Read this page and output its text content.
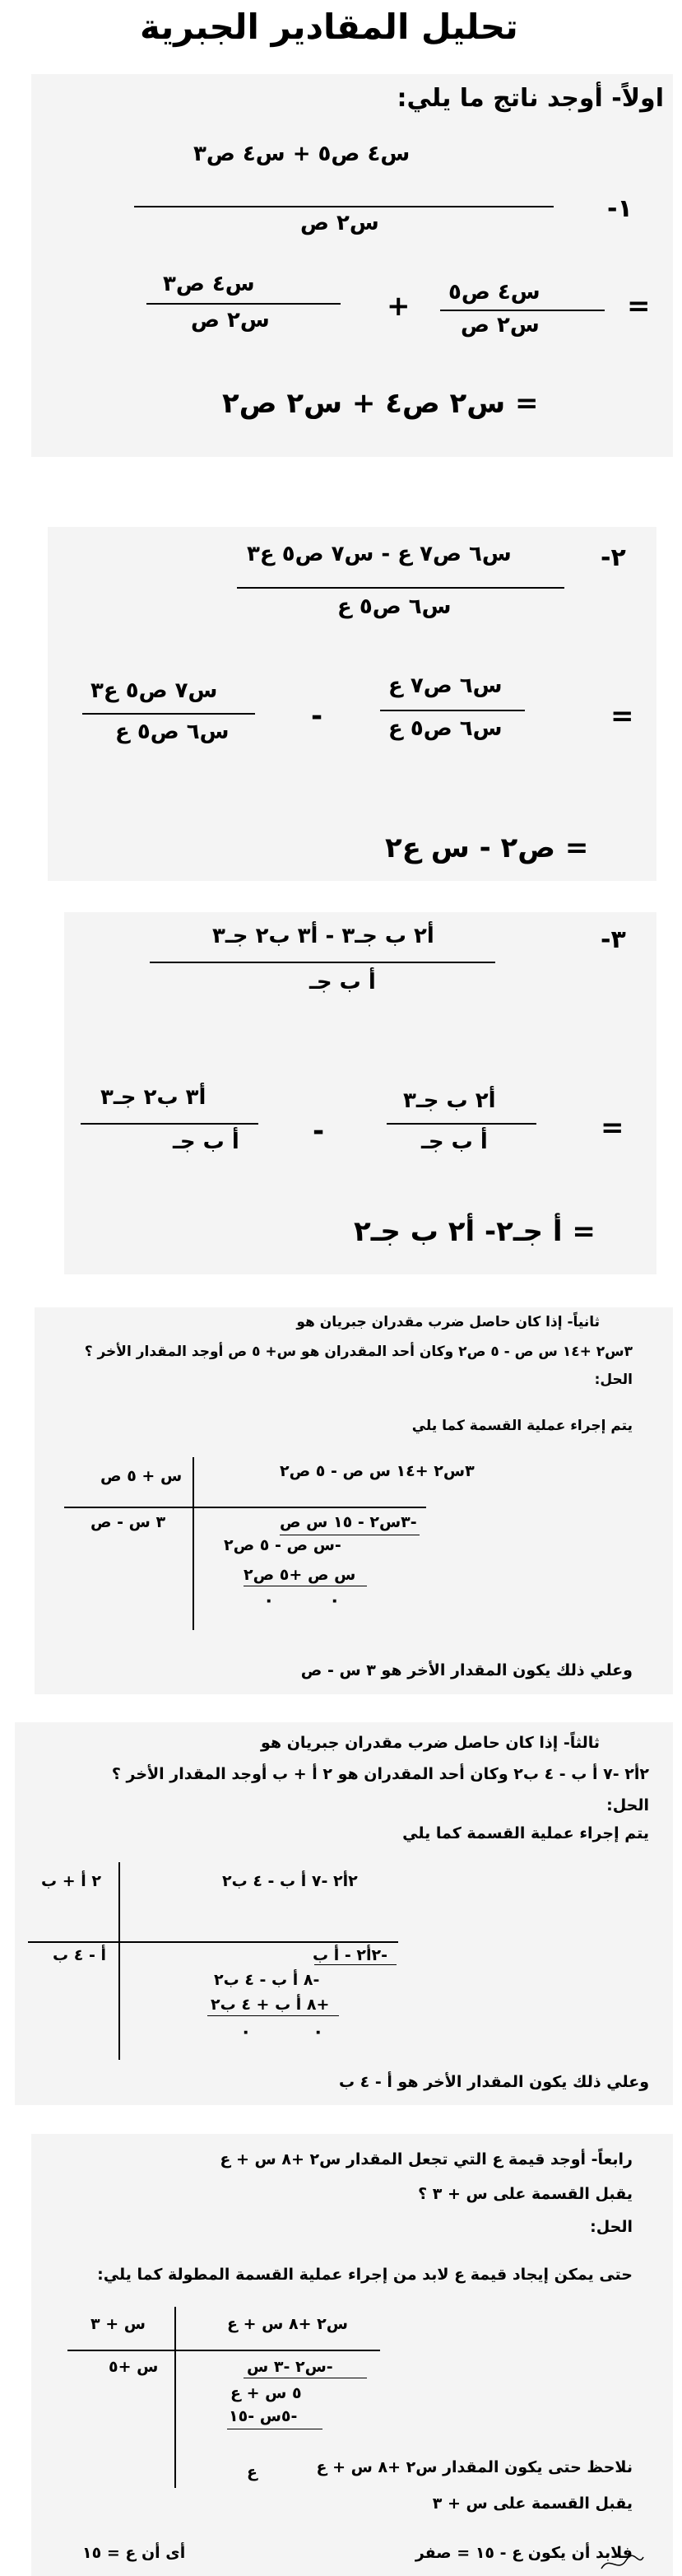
تحليل المقادير الجبرية
اولاً- أوجد ناتج ما يلي:
س٤ ص٥ + س٤ ص٣
س٢ ص	-١
س٤ ص٥
س٢ ص
+
س٤ ص٣
س٢ ص	=
= س٢ ص٤ + س٢ ص٢
-٢
س٦ ص٧ ع - س٧ ص٥ ع٣
س٦ ص٥ ع
س٦ ص٧ ع
س٦ ص٥ ع
-
س٧ ص٥ ع٣
س٦ ص٥ ع	=
= ص٢ - س ع٢
-٣
أ٢ ب جـ٣ - أ٣ ب٢ جـ٣
أ ب جـ
أ٢ ب جـ٣
أ ب جـ
-
أ٣ ب٢ جـ٣
أ ب جـ	=
= أ جـ٢- أ٢ ب جـ٢
ثانياً- إذا كان حاصل ضرب مقدران جبريان هو
۳س۲ +۱٤ س ص - ٥ ص۲ وكان أحد المقدران هو س+ ٥ ص أوجد المقدار الأخر ؟
الحل:
يتم إجراء عملية القسمة كما يلي
۳س۲ +۱٤ س ص - ٥ ص۲
س + ٥ ص
۳ س - ص	-۳س۲ - ۱٥ س ص
-س ص - ٥ ص۲
س ص +٥ ص۲
٠
٠
وعلي ذلك يكون المقدار الأخر هو ۳ س - ص
ثالثاً- إذا كان حاصل ضرب مقدران جبريان هو
٢أ٢ -٧ أ ب - ٤ ب٢ وكان أحد المقدران هو ٢ أ + ب أوجد المقدار الأخر ؟
الحل:
يتم إجراء عملية القسمة كما يلي
٢أ٢ -٧ أ ب - ٤ ب٢
٢ أ + ب
أ - ٤ ب	-٢أ٢ - أ ب
-٨ أ ب - ٤ ب٢
+٨ أ ب + ٤ ب٢
٠
٠
وعلي ذلك يكون المقدار الأخر هو أ - ٤ ب
رابعاً- أوجد قيمة ع التي تجعل المقدار س٢ +٨ س + ع
يقبل القسمة على س + ۳ ؟
الحل:
حتى يمكن إيجاد قيمة ع لابد من إجراء عملية القسمة المطولة كما يلي:
س٢ +٨ س + ع
س + ۳
س +٥	-س٢ -۳ س
٥ س + ع
-٥س -١٥
ع	نلاحظ حتى يكون المقدار س٢ +٨ س + ع
يقبل القسمة على س + ۳
فلابد أن يكون ع - ١٥ = صفر
أى أن ع = ١٥
